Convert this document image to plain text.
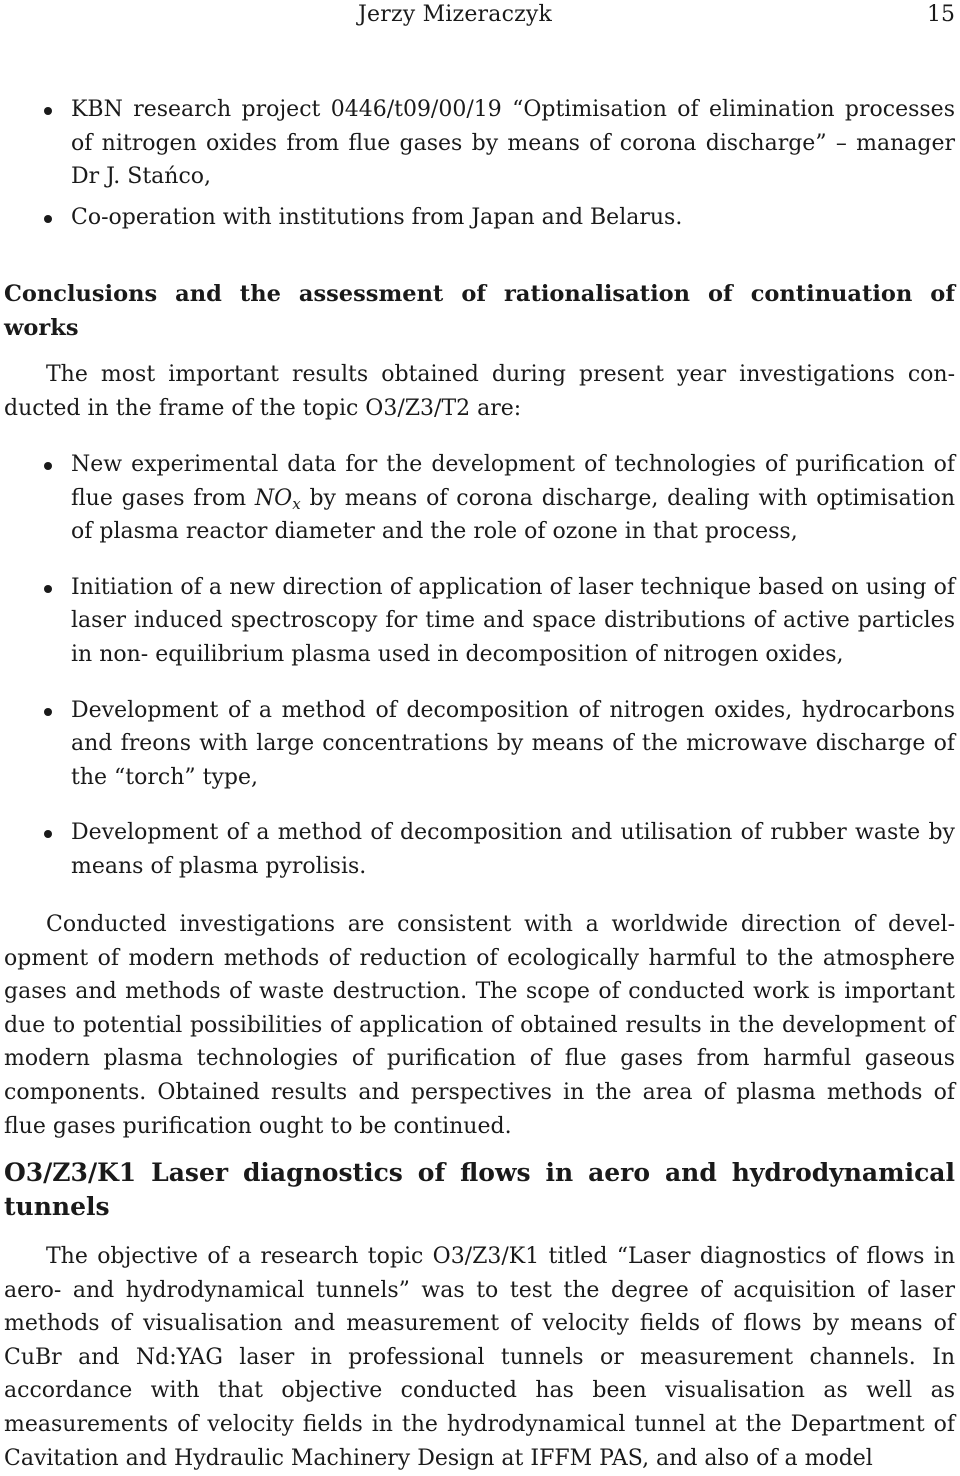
Jerzy Mizeraczyk	15
KBN research project 0446/t09/00/19 “Optimisation of elimination processes of nitrogen oxides from flue gases by means of corona discharge” – manager Dr J. Stańco,
Co-operation with institutions from Japan and Belarus.
Conclusions and the assessment of rationalisation of continuation of works

The most important results obtained during present year investigations conducted in the frame of the topic O3/Z3/T2 are:

New experimental data for the development of technologies of purification of flue gases from $NO_x$ by means of corona discharge, dealing with optimisation of plasma reactor diameter and the role of ozone in that process,
Initiation of a new direction of application of laser technique based on using of laser induced spectroscopy for time and space distributions of active particles in non- equilibrium plasma used in decomposition of nitrogen oxides,
Development of a method of decomposition of nitrogen oxides, hydrocarbons and freons with large concentrations by means of the microwave discharge of the “torch” type,
Development of a method of decomposition and utilisation of rubber waste by means of plasma pyrolisis.

Conducted investigations are consistent with a worldwide direction of development of modern methods of reduction of ecologically harmful to the atmosphere gases and methods of waste destruction. The scope of conducted work is important due to potential possibilities of application of obtained results in the development of modern plasma technologies of purification of flue gases from harmful gaseous components. Obtained results and perspectives in the area of plasma methods of flue gases purification ought to be continued.

O3/Z3/K1 Laser diagnostics of flows in aero and hydrodynamical tunnels

The objective of a research topic O3/Z3/K1 titled “Laser diagnostics of flows in aero- and hydrodynamical tunnels” was to test the degree of acquisition of laser methods of visualisation and measurement of velocity fields of flows by means of CuBr and Nd:YAG laser in professional tunnels or measurement channels. In accordance with that objective conducted has been visualisation as well as measurements of velocity fields in the hydrodynamical tunnel at the Department of Cavitation and Hydraulic Machinery Design at IFFM PAS, and also of a model
